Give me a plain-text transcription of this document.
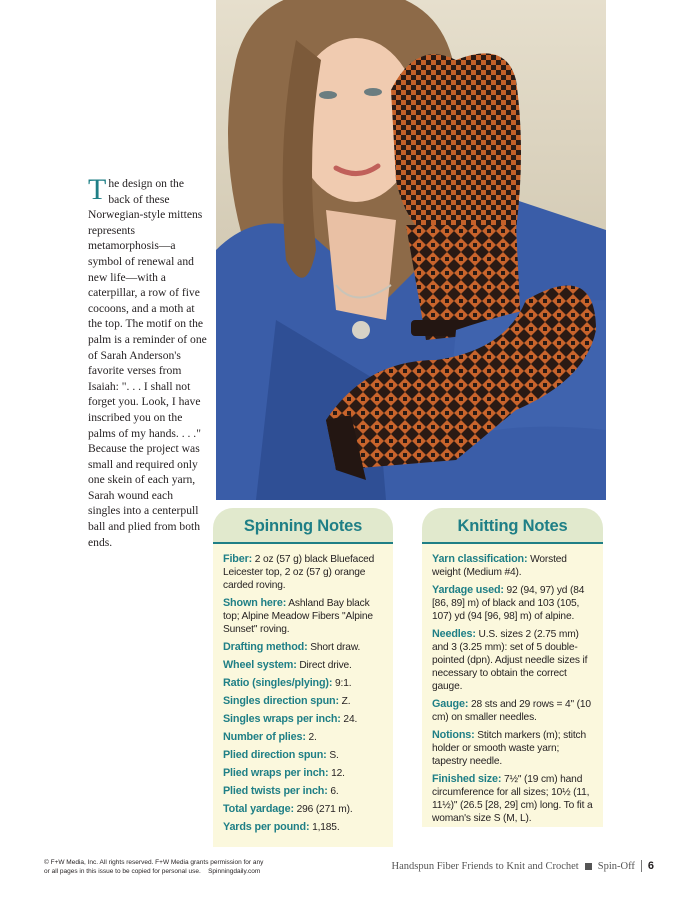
The design on the back of these Norwegian-style mittens represents metamorphosis—a symbol of renewal and new life—with a caterpillar, a row of five cocoons, and a moth at the top. The motif on the palm is a reminder of one of Sarah Anderson's favorite verses from Isaiah: ". . . I shall not forget you. Look, I have inscribed you on the palms of my hands. . . ." Because the project was small and required only one skein of each yarn, Sarah wound each singles into a centerpull ball and plied from both ends.
Spinning Notes
Fiber: 2 oz (57 g) black Bluefaced Leicester top, 2 oz (57 g) orange carded roving.
Shown here: Ashland Bay black top; Alpine Meadow Fibers "Alpine Sunset" roving.
Drafting method: Short draw.
Wheel system: Direct drive.
Ratio (singles/plying): 9:1.
Singles direction spun: Z.
Singles wraps per inch: 24.
Number of plies: 2.
Plied direction spun: S.
Plied wraps per inch: 12.
Plied twists per inch: 6.
Total yardage: 296 (271 m).
Yards per pound: 1,185.
Knitting Notes
Yarn classification: Worsted weight (Medium #4).
Yardage used: 92 (94, 97) yd (84 [86, 89] m) of black and 103 (105, 107) yd (94 [96, 98] m) of alpine.
Needles: U.S. sizes 2 (2.75 mm) and 3 (3.25 mm): set of 5 double-pointed (dpn). Adjust needle sizes if necessary to obtain the correct gauge.
Gauge: 28 sts and 29 rows = 4" (10 cm) on smaller needles.
Notions: Stitch markers (m); stitch holder or smooth waste yarn; tapestry needle.
Finished size: 7½" (19 cm) hand circumference for all sizes; 10½ (11, 11½)" (26.5 [28, 29] cm) long. To fit a woman's size S (M, L).
© F+W Media, Inc. All rights reserved. F+W Media grants permission for any
or all pages in this issue to be copied for personal use. Spinningdaily.com	Handspun Fiber Friends to Knit and Crochet Spin-Off	6
